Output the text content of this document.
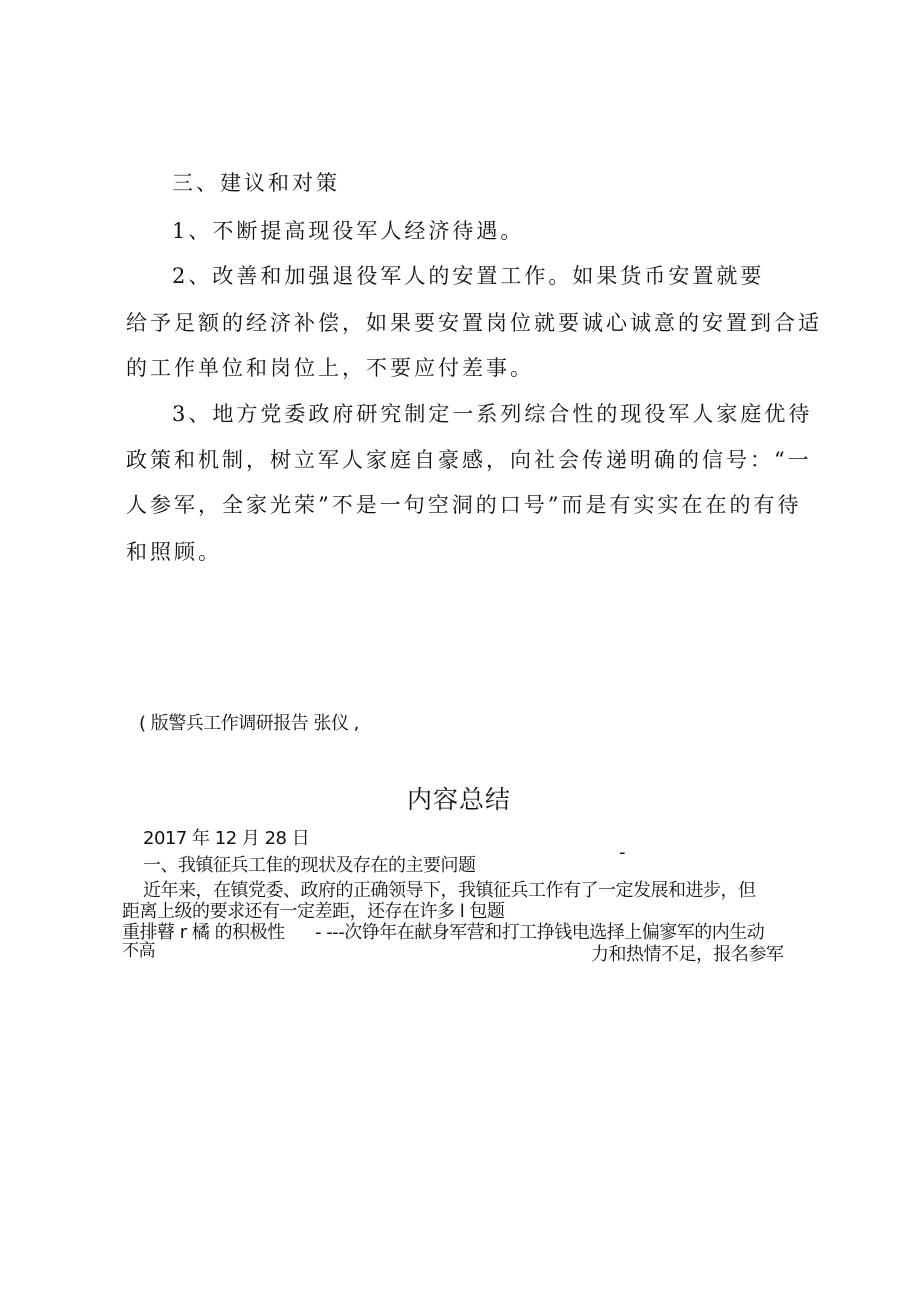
三、建议和对策
1、不断提高现役军人经济待遇。
2、改善和加强退役军人的安置工作。如果货币安置就要
给予足额的经济补偿，如果要安置岗位就要诚心诚意的安置到合适
的工作单位和岗位上，不要应付差事。
3、地方党委政府研究制定一系列综合性的现役军人家庭优待
政策和机制，树立军人家庭自豪感，向社会传递明确的信号：“一
人参军，全家光荣”不是一句空洞的口号”而是有实实在在的有待
和照顾。
( 版警兵工作调研报告 张仪 ,
内容总结
2017 年 12 月 28 日
一、我镇征兵工隹的现状及存在的主要问题
-
近年来，在镇党委、政府的正确领导下，我镇征兵工作有了一定发展和进步，但
距离上级的要求还有一定差距，还存在许多 l 包题
重排瞽 r 橘 的积极性 - ---次铮年在献身军营和打工挣钱电选择上偏寥军的内生动
不高	力和热情不足，报名参军
